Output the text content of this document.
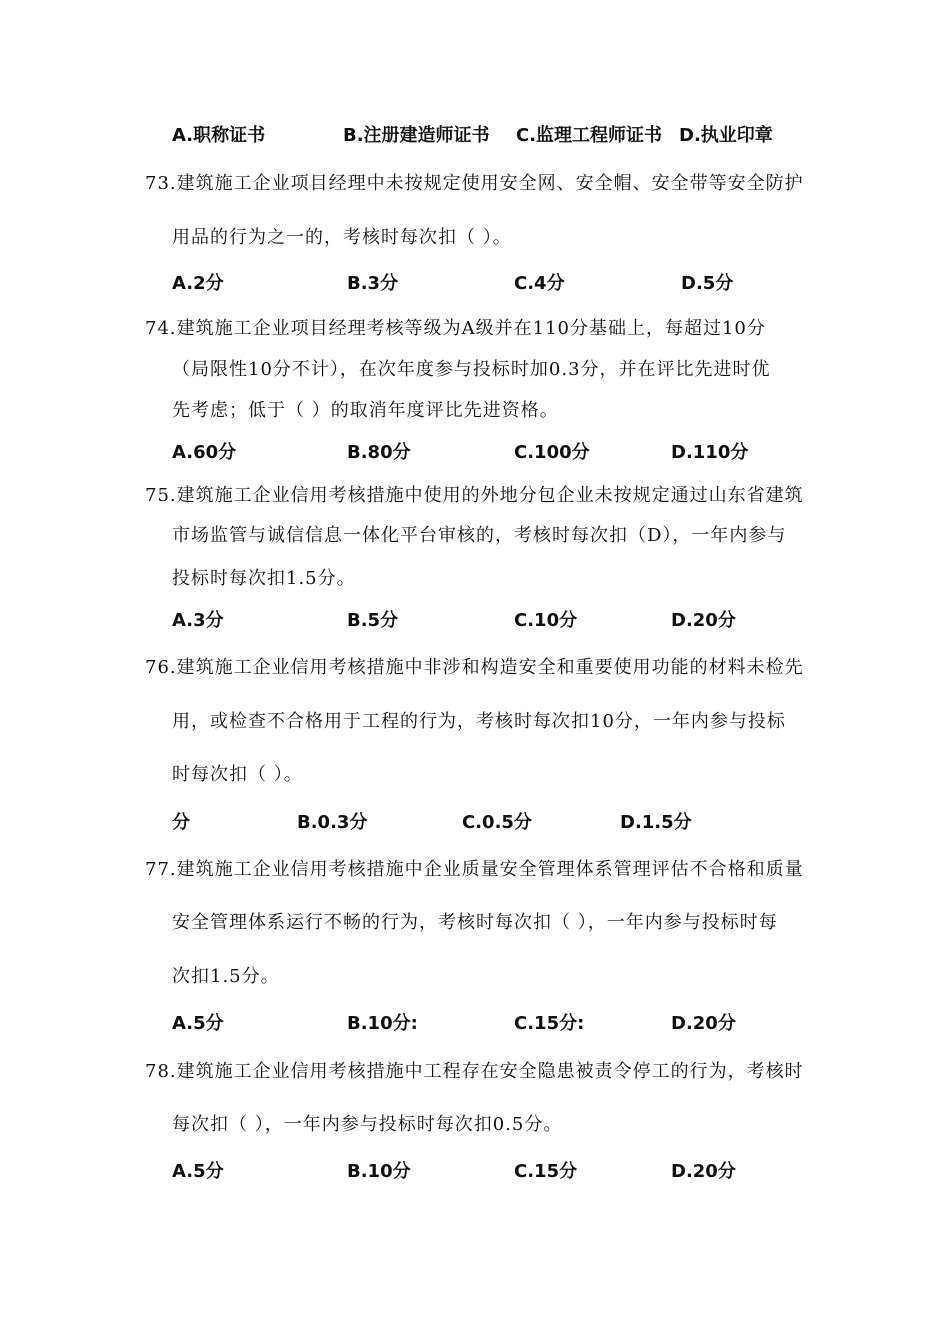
A.职称证书	B.注册建造师证书 C.监理工程师证书 D.执业印章
73.建筑施工企业项目经理中未按规定使用安全网、安全帽、安全带等安全防护
用品的行为之一的，考核时每次扣（ ）。
A.2分	B.3分	C.4分	D.5分
74.建筑施工企业项目经理考核等级为A级并在110分基础上，每超过10分
（局限性10分不计），在次年度参与投标时加0.3分，并在评比先进时优
先考虑；低于（ ）的取消年度评比先进资格。
A.60分	B.80分	C.100分	D.110分
75.建筑施工企业信用考核措施中使用的外地分包企业未按规定通过山东省建筑
市场监管与诚信信息一体化平台审核的，考核时每次扣（D），一年内参与
投标时每次扣1.5分。
A.3分	B.5分	C.10分	D.20分
76.建筑施工企业信用考核措施中非涉和构造安全和重要使用功能的材料未检先
用，或检查不合格用于工程的行为，考核时每次扣10分，一年内参与投标
时每次扣（ ）。
分	B.0.3分	C.0.5分	D.1.5分
77.建筑施工企业信用考核措施中企业质量安全管理体系管理评估不合格和质量
安全管理体系运行不畅的行为，考核时每次扣（ ），一年内参与投标时每
次扣1.5分。
A.5分	B.10分:	C.15分:	D.20分
78.建筑施工企业信用考核措施中工程存在安全隐患被责令停工的行为，考核时
每次扣（ ），一年内参与投标时每次扣0.5分。
A.5分	B.10分	C.15分	D.20分
